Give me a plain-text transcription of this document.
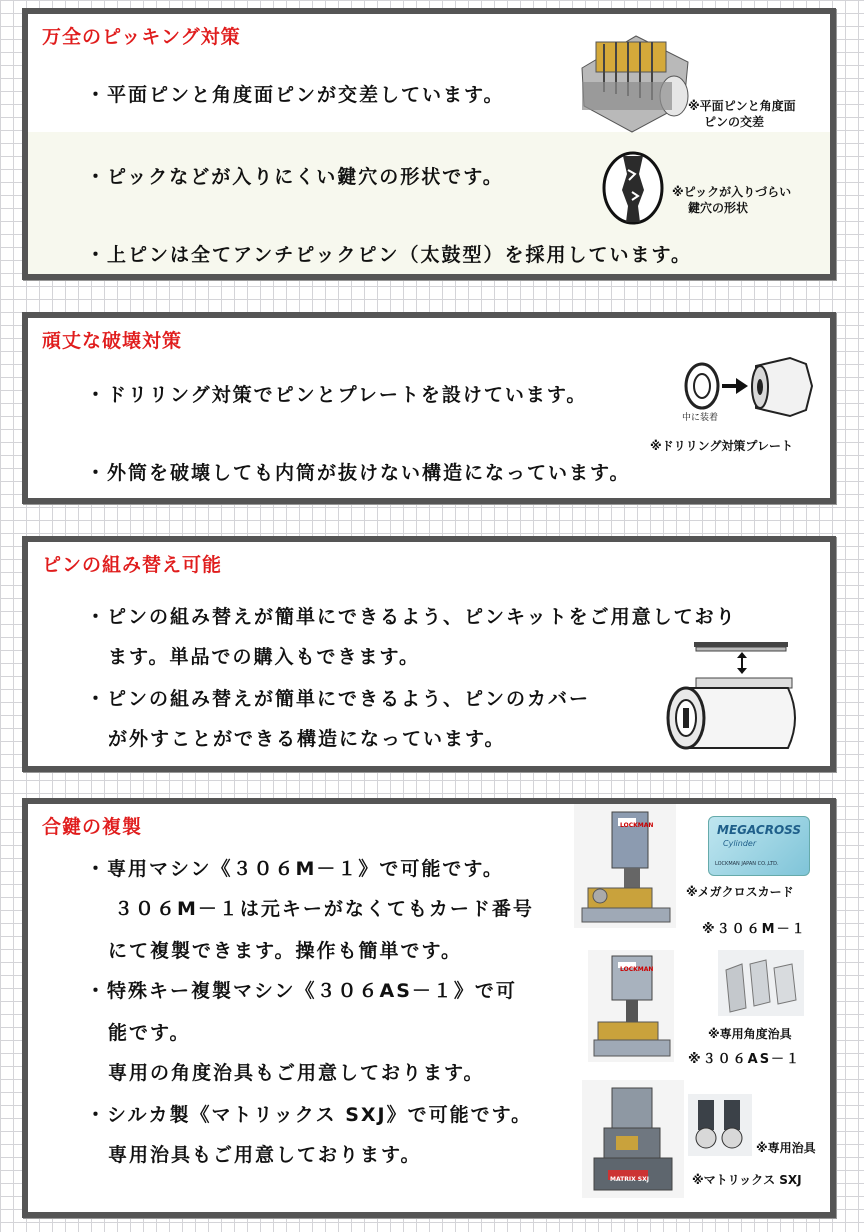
万全のピッキング対策
・平面ピンと角度面ピンが交差しています。
・ピックなどが入りにくい鍵穴の形状です。
・上ピンは全てアンチピックピン（太鼓型）を採用しています。
※平面ピンと角度面
ピンの交差
※ピックが入りづらい
鍵穴の形状
頑丈な破壊対策
・ドリリング対策でピンとプレートを設けています。
・外筒を破壊しても内筒が抜けない構造になっています。
中に装着
※ドリリング対策プレート
ピンの組み替え可能
・ピンの組み替えが簡単にできるよう、ピンキットをご用意しており
ます。単品での購入もできます。
・ピンの組み替えが簡単にできるよう、ピンのカバー
が外すことができる構造になっています。
合鍵の複製
・専用マシン《３０６M－１》で可能です。
３０６M－１は元キーがなくてもカード番号
にて複製できます。操作も簡単です。
・特殊キー複製マシン《３０６AS－１》で可
能です。
専用の角度治具もご用意しております。
・シルカ製《マトリックス SXJ》で可能です。
専用治具もご用意しております。
LOCKMAN	MEGACROSS
Cylinder
LOCKMAN JAPAN CO.,LTD.
※メガクロスカード
※３０６M－１
LOCKMAN
※専用角度治具
※３０６AS－１
MATRIX SXJ
※専用治具
※マトリックス SXJ
